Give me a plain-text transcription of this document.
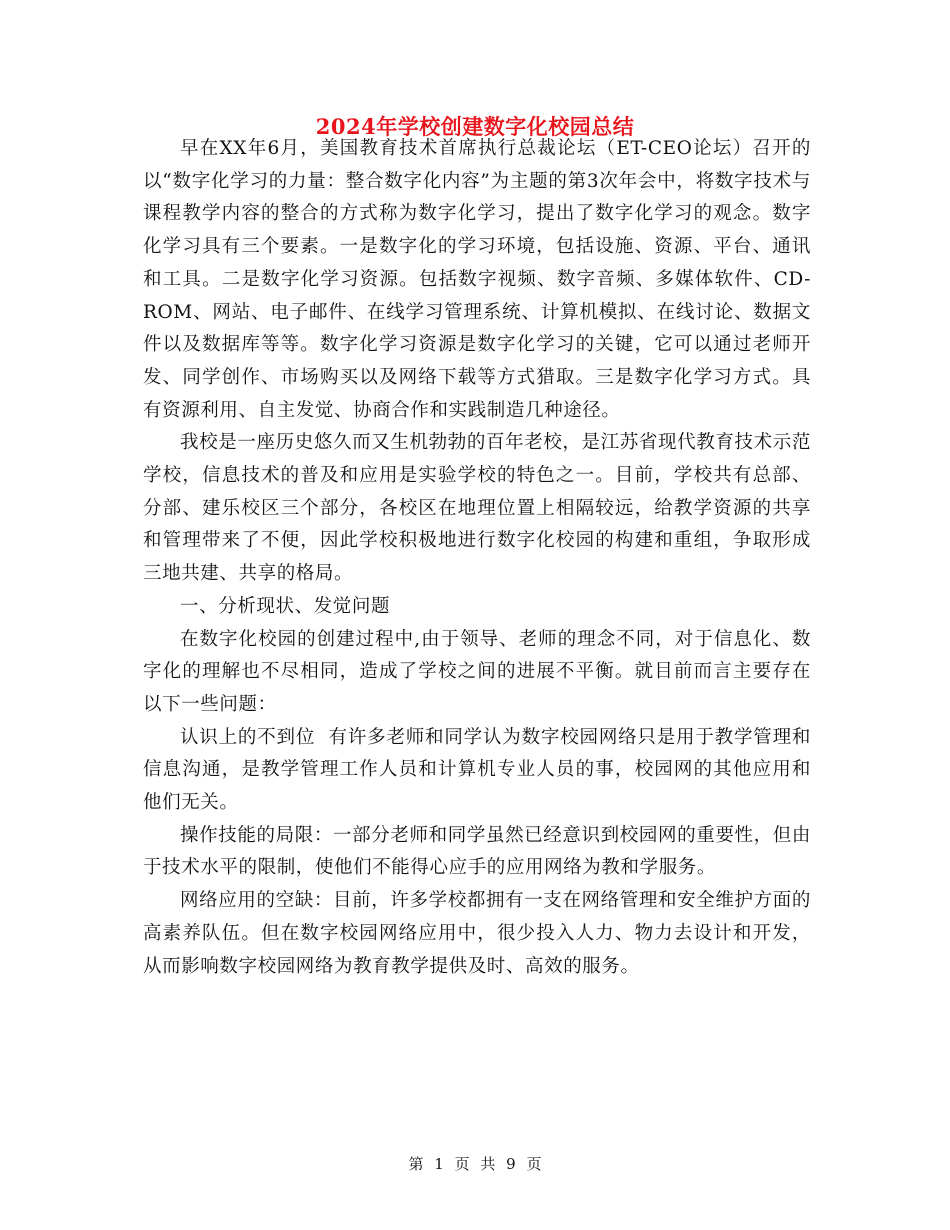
2024年学校创建数字化校园总结

早在XX年6月，美国教育技术首席执行总裁论坛（ET-CEO论坛）召开的以“数字化学习的力量：整合数字化内容”为主题的第3次年会中，将数字技术与课程教学内容的整合的方式称为数字化学习，提出了数字化学习的观念。数字化学习具有三个要素。一是数字化的学习环境，包括设施、资源、平台、通讯和工具。二是数字化学习资源。包括数字视频、数字音频、多媒体软件、CD-ROM、网站、电子邮件、在线学习管理系统、计算机模拟、在线讨论、数据文件以及数据库等等。数字化学习资源是数字化学习的关键，它可以通过老师开发、同学创作、市场购买以及网络下载等方式猎取。三是数字化学习方式。具有资源利用、自主发觉、协商合作和实践制造几种途径。

我校是一座历史悠久而又生机勃勃的百年老校，是江苏省现代教育技术示范学校，信息技术的普及和应用是实验学校的特色之一。目前，学校共有总部、分部、建乐校区三个部分，各校区在地理位置上相隔较远，给教学资源的共享和管理带来了不便，因此学校积极地进行数字化校园的构建和重组，争取形成三地共建、共享的格局。

一、分析现状、发觉问题

在数字化校园的创建过程中,由于领导、老师的理念不同，对于信息化、数字化的理解也不尽相同，造成了学校之间的进展不平衡。就目前而言主要存在以下一些问题：

认识上的不到位  有许多老师和同学认为数字校园网络只是用于教学管理和信息沟通，是教学管理工作人员和计算机专业人员的事，校园网的其他应用和他们无关。

操作技能的局限：一部分老师和同学虽然已经意识到校园网的重要性，但由于技术水平的限制，使他们不能得心应手的应用网络为教和学服务。

网络应用的空缺：目前，许多学校都拥有一支在网络管理和安全维护方面的高素养队伍。但在数字校园网络应用中，很少投入人力、物力去设计和开发，从而影响数字校园网络为教育教学提供及时、高效的服务。

第 1 页 共 9 页
